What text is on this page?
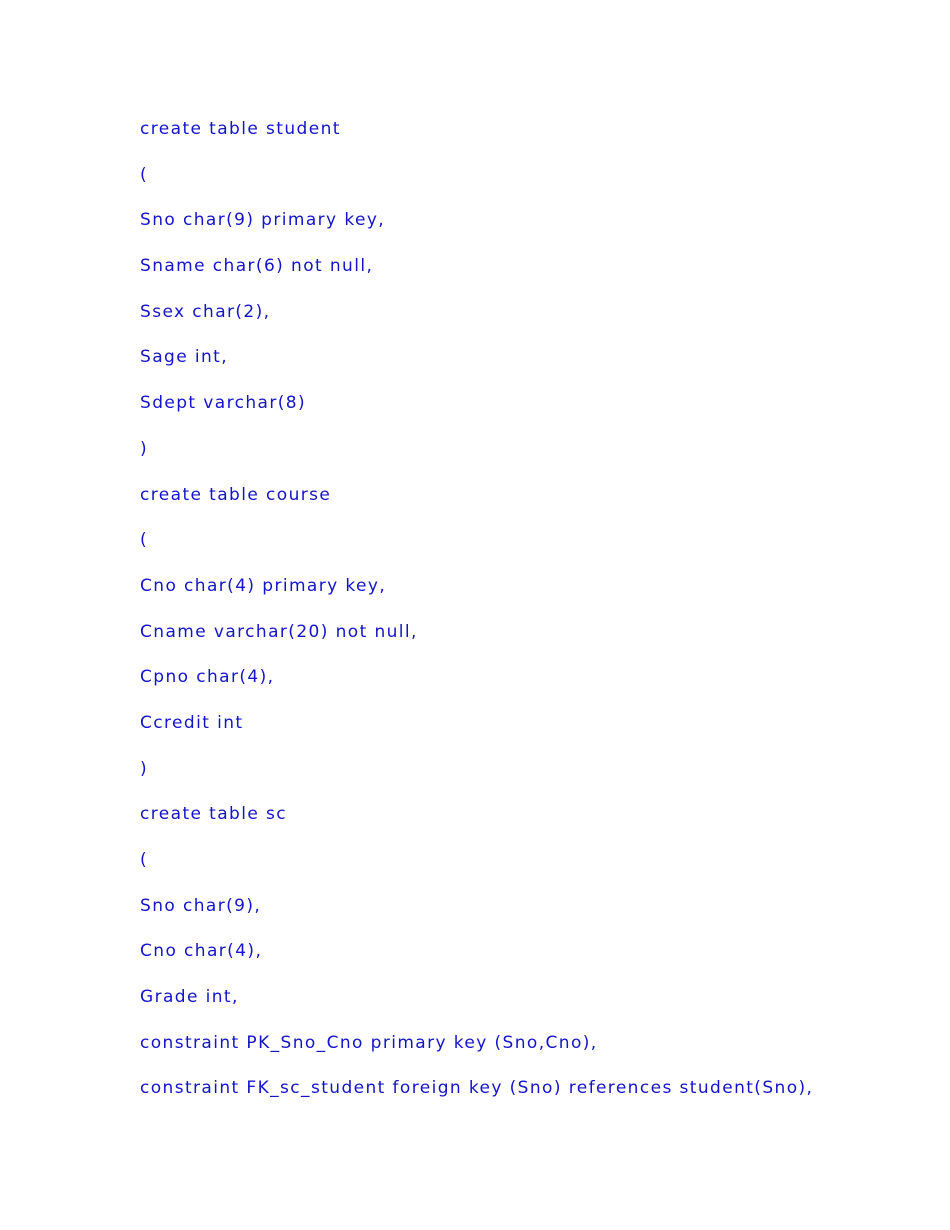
create table student
(
Sno char(9) primary key,
Sname char(6) not null,
Ssex char(2),
Sage int,
Sdept varchar(8)
)
create table course
(
Cno char(4) primary key,
Cname varchar(20) not null,
Cpno char(4),
Ccredit int
)
create table sc
(
Sno char(9),
Cno char(4),
Grade int,
constraint PK_Sno_Cno primary key (Sno,Cno),
constraint FK_sc_student foreign key (Sno) references student(Sno),
